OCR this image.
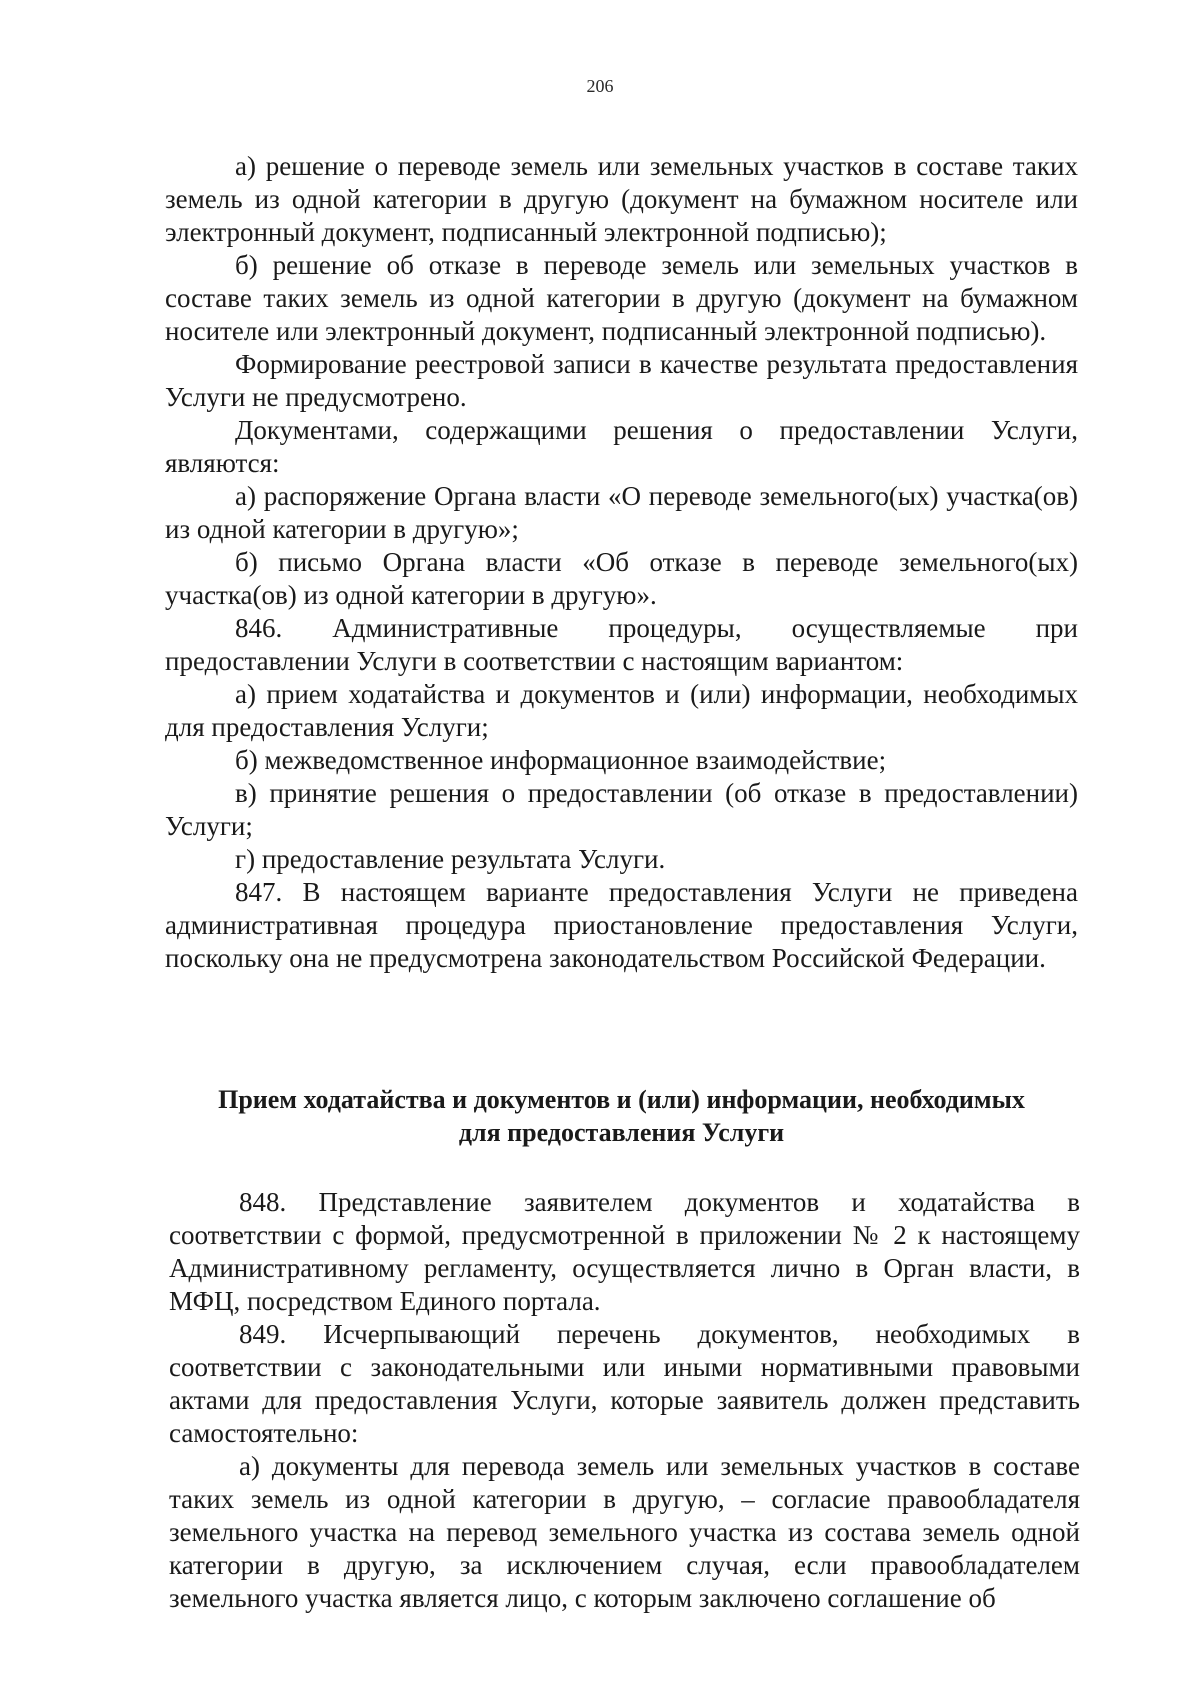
206

а) решение о переводе земель или земельных участков в составе таких земель из одной категории в другую (документ на бумажном носителе или электронный документ, подписанный электронной подписью);

б) решение об отказе в переводе земель или земельных участков в составе таких земель из одной категории в другую (документ на бумажном носителе или электронный документ, подписанный электронной подписью).

Формирование реестровой записи в качестве результата предоставления Услуги не предусмотрено.

Документами, содержащими решения о предоставлении Услуги, являются:

а) распоряжение Органа власти «О переводе земельного(ых) участка(ов) из одной категории в другую»;

б) письмо Органа власти «Об отказе в переводе земельного(ых) участка(ов) из одной категории в другую».

846. Административные процедуры, осуществляемые при предоставлении Услуги в соответствии с настоящим вариантом:

а) прием ходатайства и документов и (или) информации, необходимых для предоставления Услуги;

б) межведомственное информационное взаимодействие;

в) принятие решения о предоставлении (об отказе в предоставлении) Услуги;

г) предоставление результата Услуги.

847. В настоящем варианте предоставления Услуги не приведена административная процедура приостановление предоставления Услуги, поскольку она не предусмотрена законодательством Российской Федерации.

Прием ходатайства и документов и (или) информации, необходимых
для предоставления Услуги

848. Представление заявителем документов и ходатайства в соответствии с формой, предусмотренной в приложении № 2 к настоящему Административному регламенту, осуществляется лично в Орган власти, в МФЦ, посредством Единого портала.

849. Исчерпывающий перечень документов, необходимых в соответствии с законодательными или иными нормативными правовыми актами для предоставления Услуги, которые заявитель должен представить самостоятельно:

а) документы для перевода земель или земельных участков в составе таких земель из одной категории в другую, – согласие правообладателя земельного участка на перевод земельного участка из состава земель одной категории в другую, за исключением случая, если правообладателем земельного участка является лицо, с которым заключено соглашение об
